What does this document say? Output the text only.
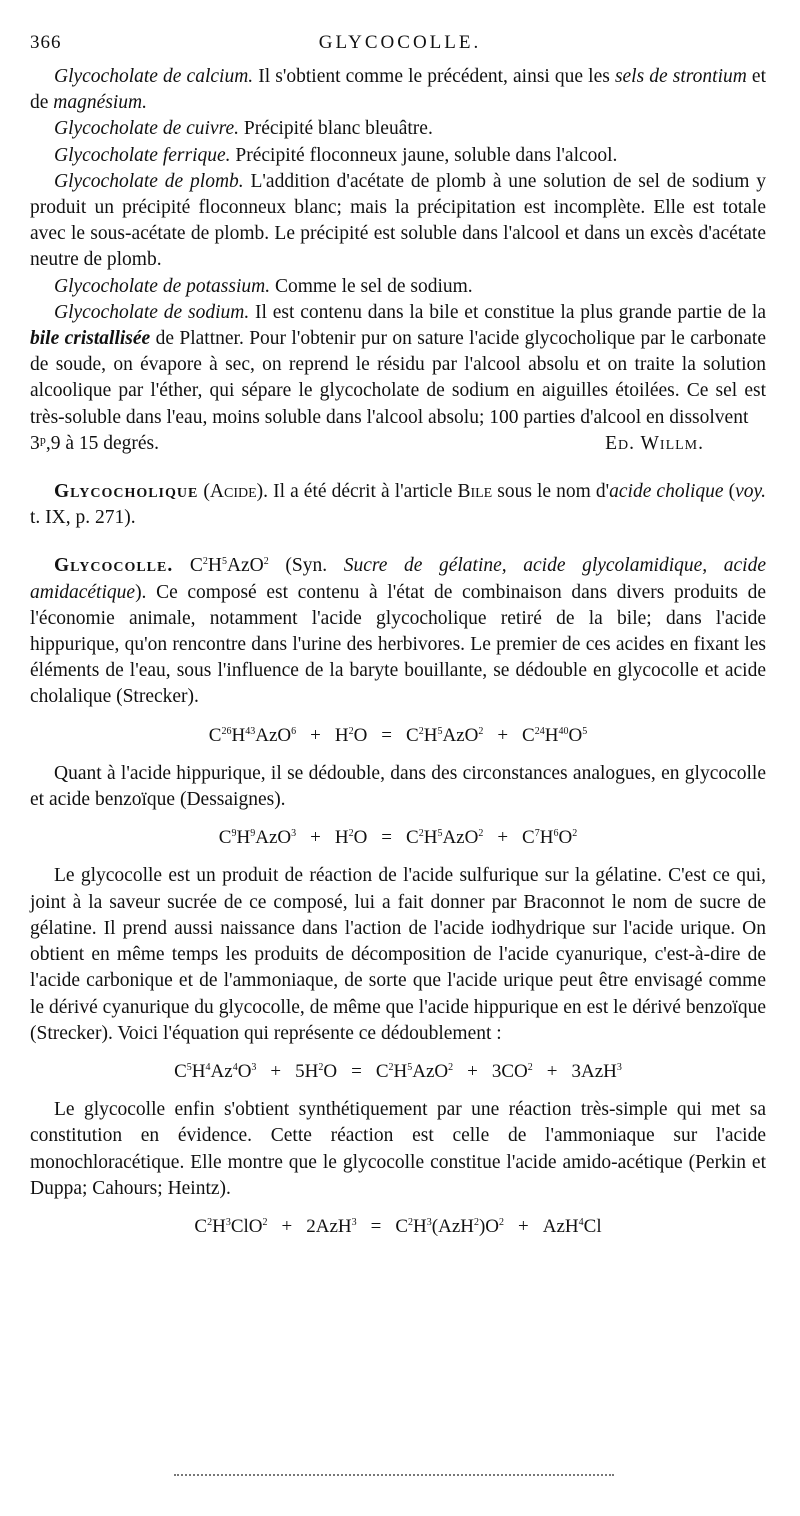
366	GLYCOCOLLE.

Glycocholate de calcium. Il s'obtient comme le précédent, ainsi que les sels de strontium et de magnésium.

Glycocholate de cuivre. Précipité blanc bleuâtre.

Glycocholate ferrique. Précipité floconneux jaune, soluble dans l'alcool.

Glycocholate de plomb. L'addition d'acétate de plomb à une solution de sel de sodium y produit un précipité floconneux blanc; mais la précipitation est incomplète. Elle est totale avec le sous-acétate de plomb. Le précipité est soluble dans l'alcool et dans un excès d'acétate neutre de plomb.

Glycocholate de potassium. Comme le sel de sodium.

Glycocholate de sodium. Il est contenu dans la bile et constitue la plus grande partie de la bile cristallisée de Plattner. Pour l'obtenir pur on sature l'acide glycocholique par le carbonate de soude, on évapore à sec, on reprend le résidu par l'alcool absolu et on traite la solution alcoolique par l'éther, qui sépare le glycocholate de sodium en aiguilles étoilées. Ce sel est très-soluble dans l'eau, moins soluble dans l'alcool absolu; 100 parties d'alcool en dissolvent

3ᵖ,9 à 15 degrés.	Ed. Willm.

Glycocholique (Acide). Il a été décrit à l'article Bile sous le nom d'acide cholique (voy. t. IX, p. 271).

Glycocolle. $C^2H^5AzO^2$ (Syn. Sucre de gélatine, acide glycolamidique, acide amidacétique). Ce composé est contenu à l'état de combinaison dans divers produits de l'économie animale, notamment l'acide glycocholique retiré de la bile; dans l'acide hippurique, qu'on rencontre dans l'urine des herbivores. Le premier de ces acides en fixant les éléments de l'eau, sous l'influence de la baryte bouillante, se dédouble en glycocolle et acide cholalique (Strecker).

$C^{26}H^{43}AzO^6 + H^2O = C^2H^5AzO^2 + C^{24}H^{40}O^5$

Quant à l'acide hippurique, il se dédouble, dans des circonstances analogues, en glycocolle et acide benzoïque (Dessaignes).

$C^9H^9AzO^3 + H^2O = C^2H^5AzO^2 + C^7H^6O^2$

Le glycocolle est un produit de réaction de l'acide sulfurique sur la gélatine. C'est ce qui, joint à la saveur sucrée de ce composé, lui a fait donner par Braconnot le nom de sucre de gélatine. Il prend aussi naissance dans l'action de l'acide iodhydrique sur l'acide urique. On obtient en même temps les produits de décomposition de l'acide cyanurique, c'est-à-dire de l'acide carbonique et de l'ammoniaque, de sorte que l'acide urique peut être envisagé comme le dérivé cyanurique du glycocolle, de même que l'acide hippurique en est le dérivé benzoïque (Strecker). Voici l'équation qui représente ce dédoublement :

$C^5H^4Az^4O^3 + 5H^2O = C^2H^5AzO^2 + 3CO^2 + 3AzH^3$

Le glycocolle enfin s'obtient synthétiquement par une réaction très-simple qui met sa constitution en évidence. Cette réaction est celle de l'ammoniaque sur l'acide monochloracétique. Elle montre que le glycocolle constitue l'acide amido-acétique (Perkin et Duppa; Cahours; Heintz).

$C^2H^3ClO^2 + 2AzH^3 = C^2H^3(AzH^2)O^2 + AzH^4Cl$
